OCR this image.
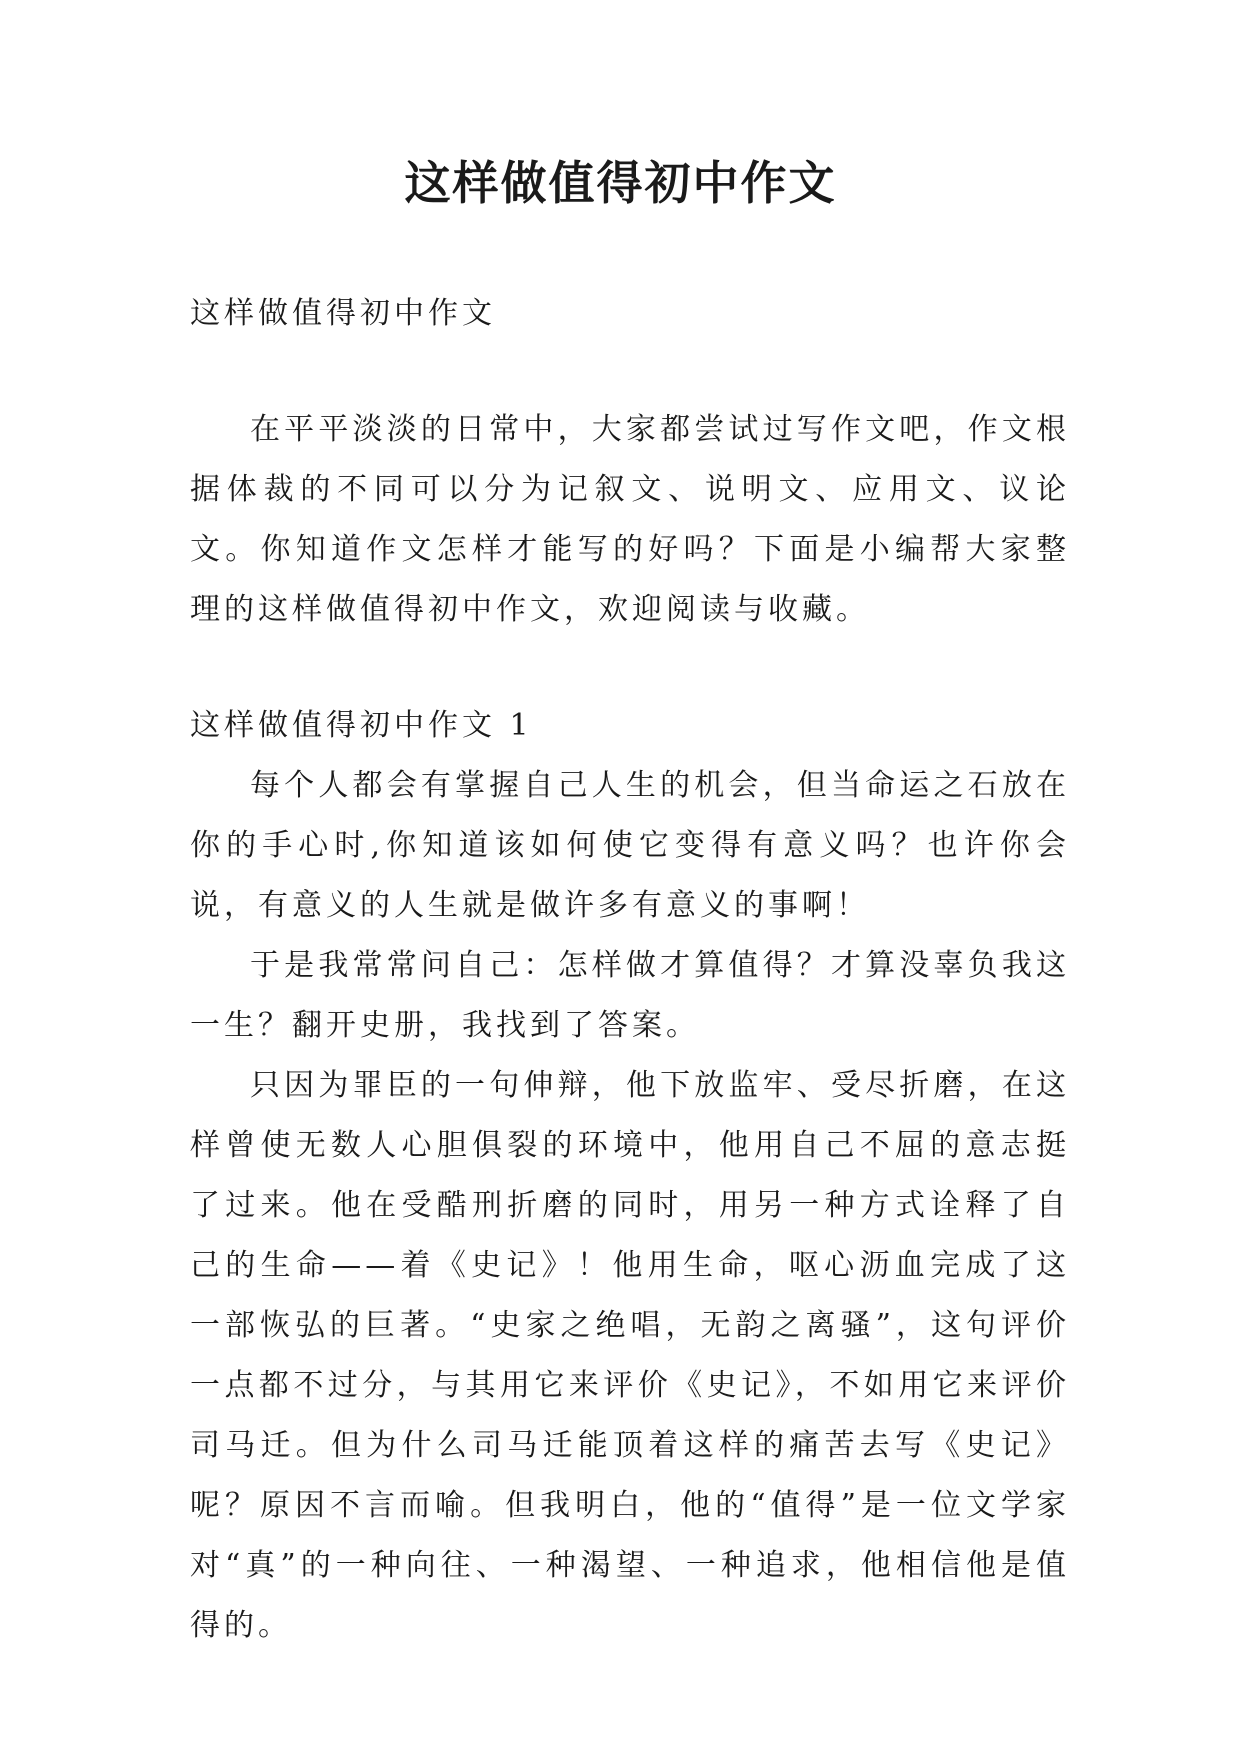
这样做值得初中作文

这样做值得初中作文

在平平淡淡的日常中，大家都尝试过写作文吧，作文根据体裁的不同可以分为记叙文、说明文、应用文、议论文。你知道作文怎样才能写的好吗？下面是小编帮大家整理的这样做值得初中作文，欢迎阅读与收藏。

这样做值得初中作文 1

每个人都会有掌握自己人生的机会，但当命运之石放在你的手心时,你知道该如何使它变得有意义吗？也许你会说，有意义的人生就是做许多有意义的事啊！

于是我常常问自己：怎样做才算值得？才算没辜负我这一生？翻开史册，我找到了答案。

只因为罪臣的一句伸辩，他下放监牢、受尽折磨，在这样曾使无数人心胆俱裂的环境中，他用自己不屈的意志挺了过来。他在受酷刑折磨的同时，用另一种方式诠释了自己的生命——着《史记》！他用生命，呕心沥血完成了这一部恢弘的巨著。“史家之绝唱，无韵之离骚”，这句评价一点都不过分，与其用它来评价《史记》，不如用它来评价司马迁。但为什么司马迁能顶着这样的痛苦去写《史记》呢？原因不言而喻。但我明白，他的“值得”是一位文学家对“真”的一种向往、一种渴望、一种追求，他相信他是值得的。
